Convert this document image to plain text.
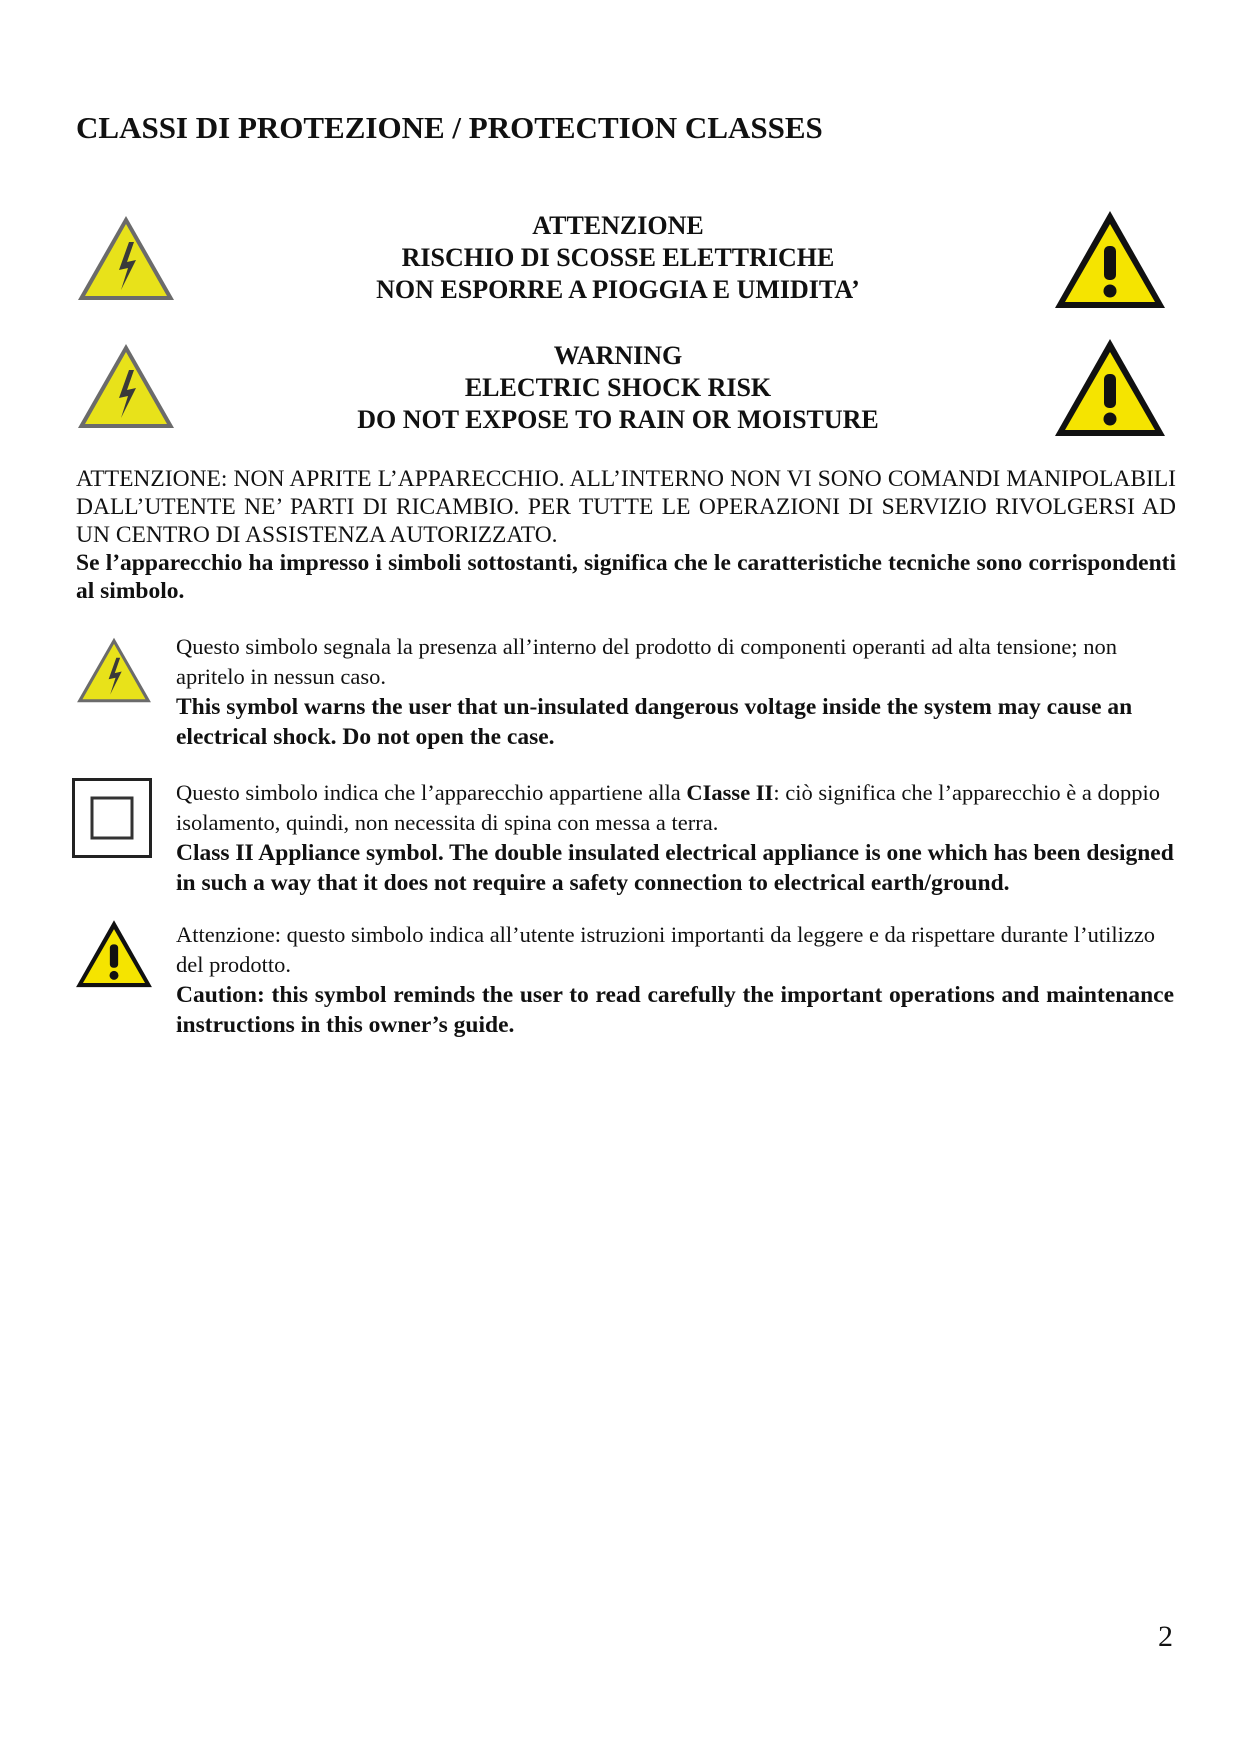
CLASSI DI PROTEZIONE / PROTECTION CLASSES
ATTENZIONE
RISCHIO DI SCOSSE ELETTRICHE
NON ESPORRE A PIOGGIA E UMIDITA’
WARNING
ELECTRIC SHOCK RISK
DO NOT EXPOSE TO RAIN OR MOISTURE
ATTENZIONE: NON APRITE L’APPARECCHIO. ALL’INTERNO NON VI SONO COMANDI MANIPOLABILI DALL’UTENTE NE’ PARTI DI RICAMBIO. PER TUTTE LE OPERAZIONI DI SERVIZIO RIVOLGERSI AD UN CENTRO DI ASSISTENZA AUTORIZZATO.
Se l’apparecchio ha impresso i simboli sottostanti, significa che le caratteristiche tecniche sono corrispondenti al simbolo.
Questo simbolo segnala la presenza all’interno del prodotto di componenti operanti ad alta tensione; non apritelo in nessun caso.
This symbol warns the user that un-insulated dangerous voltage inside the system may cause an electrical shock. Do not open the case.
Questo simbolo indica che l’apparecchio appartiene alla CIasse II: ciò significa che l’apparecchio è a doppio isolamento, quindi, non necessita di spina con messa a terra.
Class II Appliance symbol. The double insulated electrical appliance is one which has been designed in such a way that it does not require a safety connection to electrical earth/ground.
Attenzione: questo simbolo indica all’utente istruzioni importanti da leggere e da rispettare durante l’utilizzo del prodotto.
Caution: this symbol reminds the user to read carefully the important operations and maintenance instructions in this owner’s guide.
2
